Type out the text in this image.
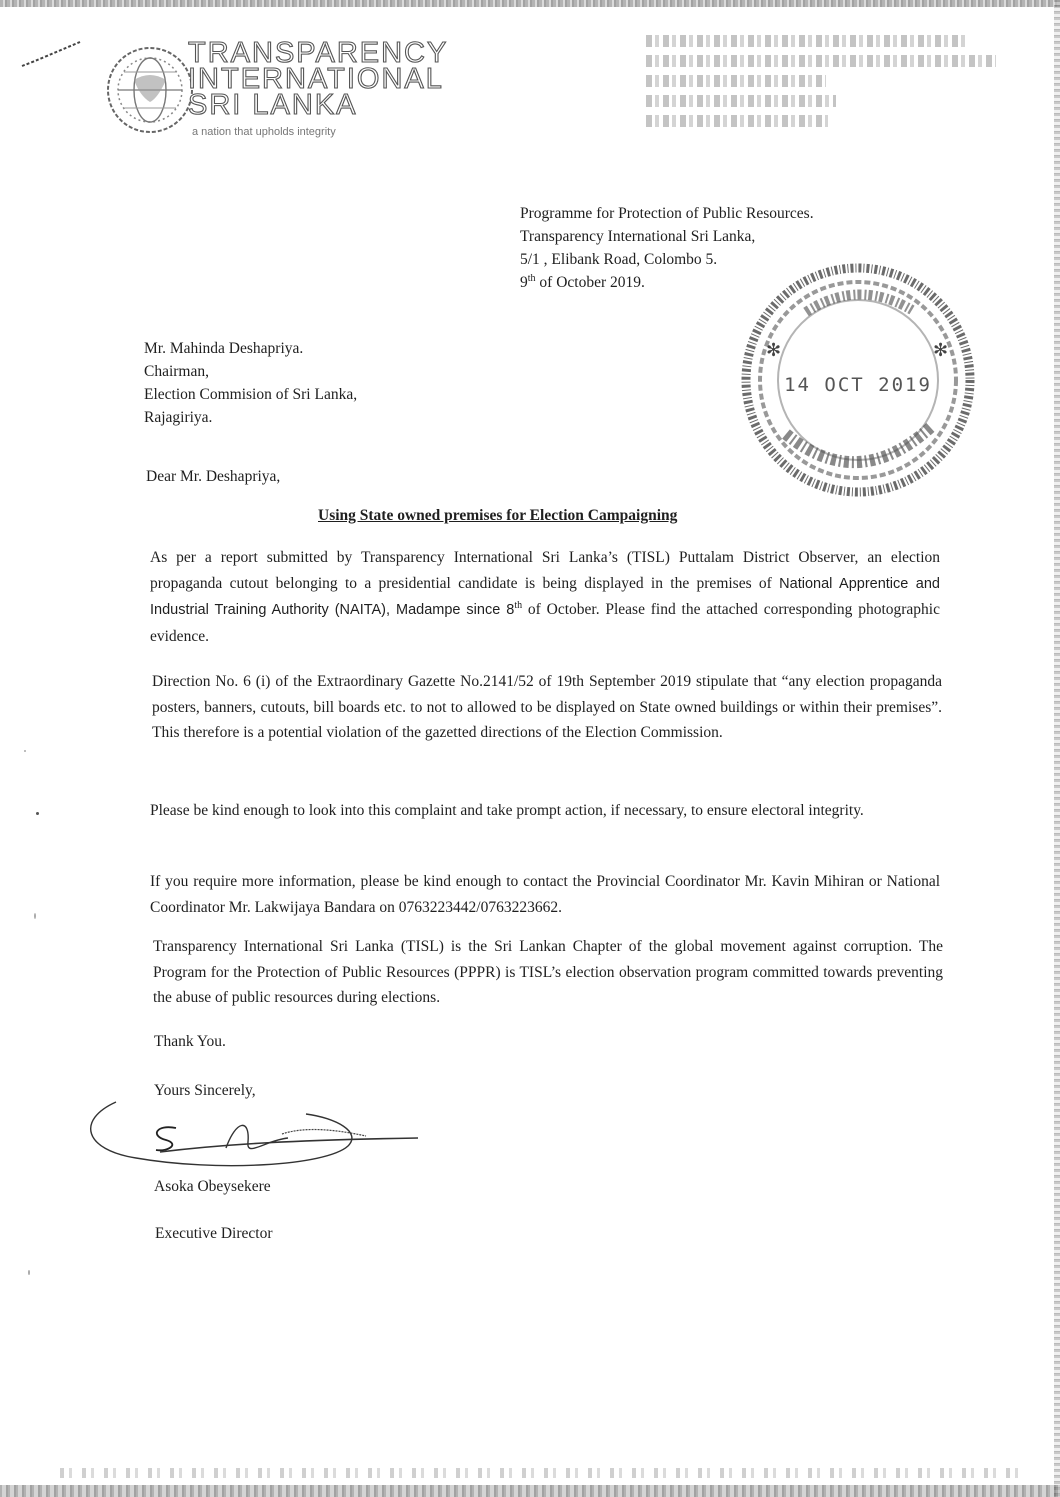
TRANSPARENCY
INTERNATIONAL
SRI LANKA
a nation that upholds integrity
Programme for Protection of Public Resources.
Transparency International Sri Lanka,
5/1 , Elibank Road, Colombo 5.
9th of October 2019.
✻	✻
14 OCT 2019
Mr. Mahinda Deshapriya.
Chairman,
Election Commision of Sri Lanka,
Rajagiriya.
Dear Mr. Deshapriya,
Using State owned premises for Election Campaigning
As per a report submitted by Transparency International Sri Lanka’s (TISL) Puttalam District Observer, an election propaganda cutout belonging to a presidential candidate is being displayed in the premises of National Apprentice and Industrial Training Authority (NAITA), Madampe since 8th of October. Please find the attached corresponding photographic evidence.
Direction No. 6 (i) of the Extraordinary Gazette No.2141/52 of 19th September 2019 stipulate that “any election propaganda posters, banners, cutouts, bill boards etc. to not to allowed to be displayed on State owned buildings or within their premises”. This therefore is a potential violation of the gazetted directions of the Election Commission.
Please be kind enough to look into this complaint and take prompt action, if necessary, to ensure electoral integrity.
If you require more information, please be kind enough to contact the Provincial Coordinator Mr. Kavin Mihiran or National Coordinator Mr. Lakwijaya Bandara on 0763223442/0763223662.
Transparency International Sri Lanka (TISL) is the Sri Lankan Chapter of the global movement against corruption. The Program for the Protection of Public Resources (PPPR) is TISL’s election observation program committed towards preventing the abuse of public resources during elections.
Thank You.
Yours Sincerely,
Asoka Obeysekere
Executive Director
